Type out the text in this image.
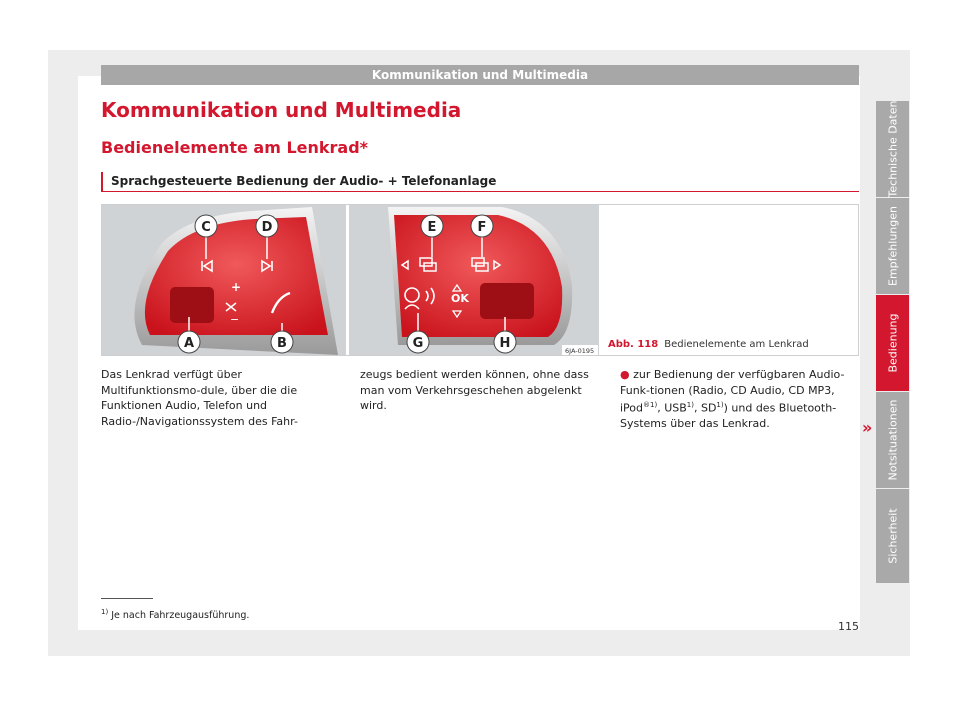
Kommunikation und Multimedia
Kommunikation und Multimedia
Bedienelemente am Lenkrad*
Sprachgesteuerte Bedienung der Audio- + Telefonanlage
+
−
C	D
A	B
OK
E	F
G	H	6JA-0195
Abb. 118 Bedienelemente am Lenkrad

Das Lenkrad verfügt über Multifunktionsmo-dule, über die die Funktionen Audio, Telefon und Radio-/Navigationssystem des Fahr-

zeugs bedient werden können, ohne dass man vom Verkehrsgeschehen abgelenkt wird.

● zur Bedienung der verfügbaren Audio-Funk-tionen (Radio, CD Audio, CD MP3, iPod$^{®1)}$, USB$^{1)}$, SD$^{1)}$) und des Bluetooth-Systems über das Lenkrad.	»
$^{1)}$ Je nach Fahrzeugausführung.
115
Technische Daten
Empfehlungen
Bedienung
Notsituationen
Sicherheit
